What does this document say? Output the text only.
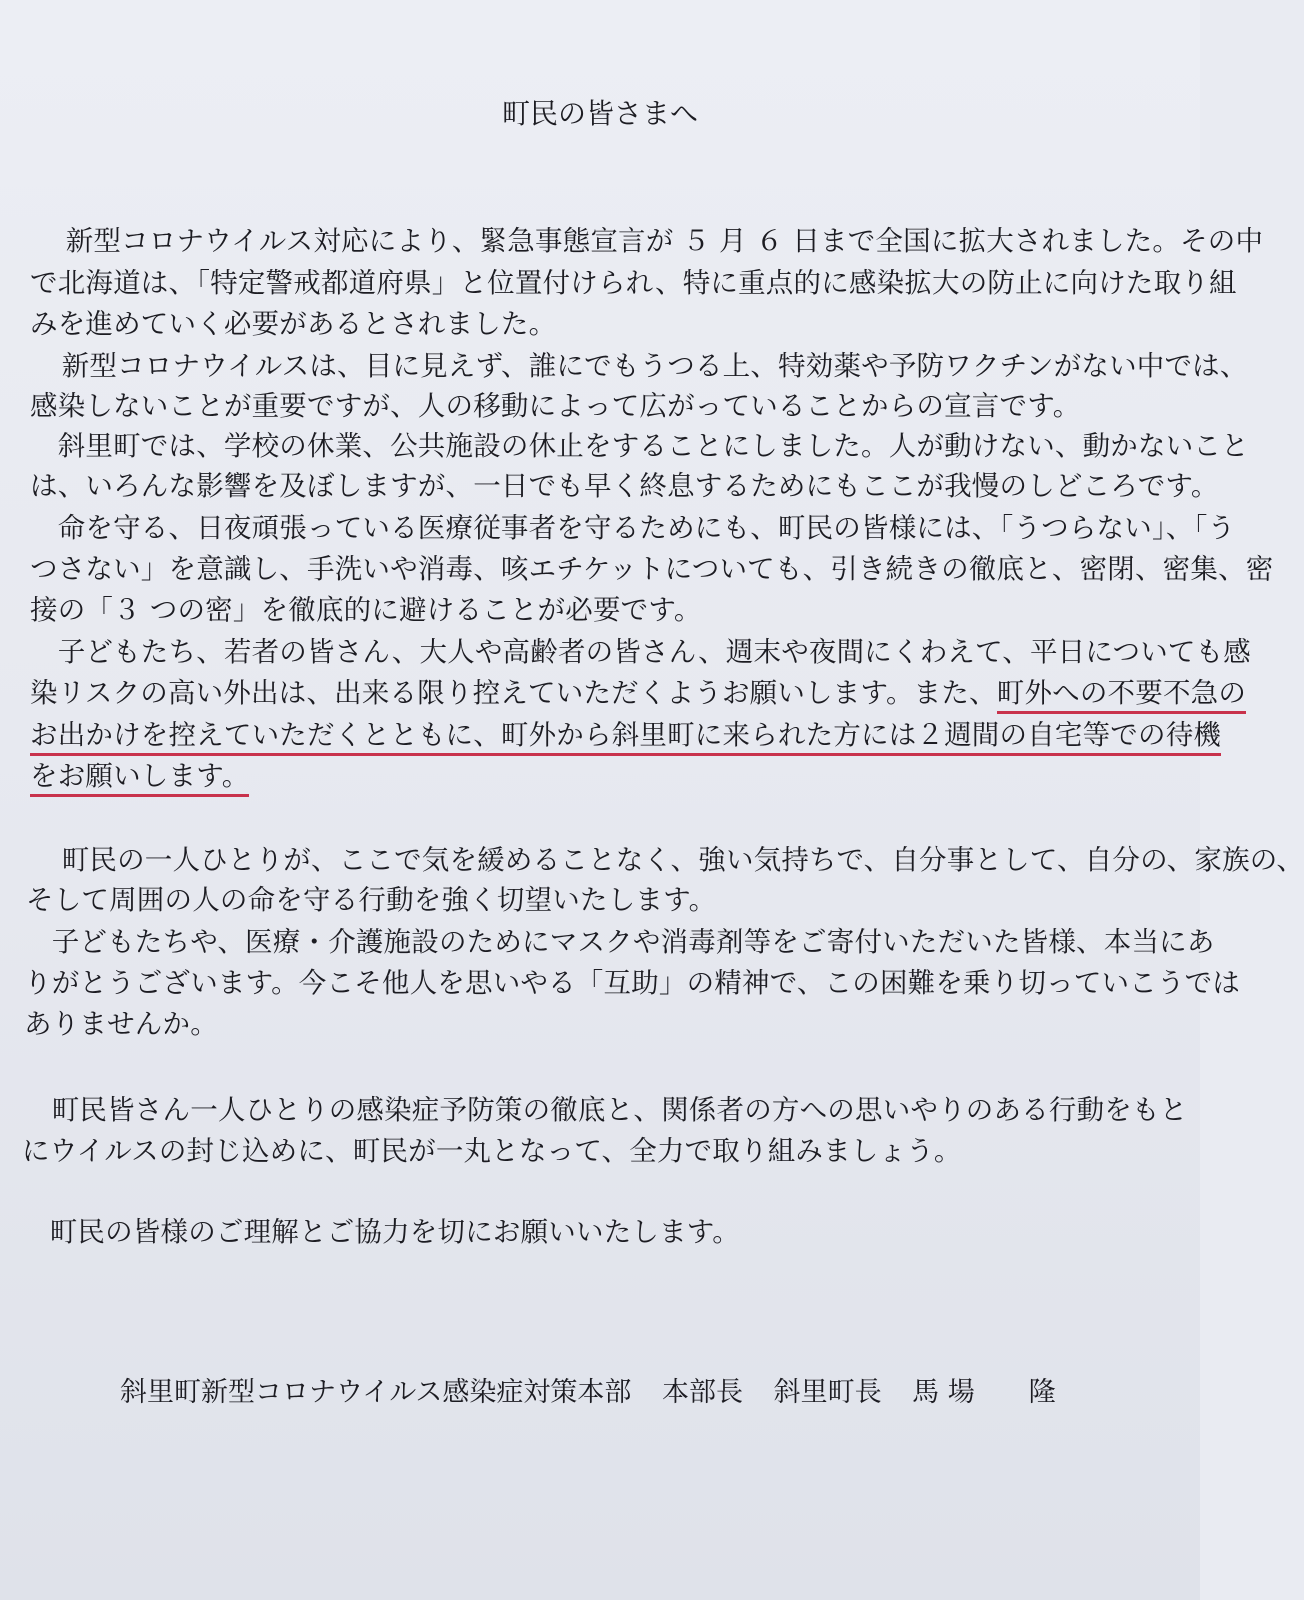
町民の皆さまへ
　新型コロナウイルス対応により、緊急事態宣言が ５ 月 ６ 日まで全国に拡大されました。その中
で北海道は、「特定警戒都道府県」と位置付けられ、特に重点的に感染拡大の防止に向けた取り組
みを進めていく必要があるとされました。
　新型コロナウイルスは、目に見えず、誰にでもうつる上、特効薬や予防ワクチンがない中では、
感染しないことが重要ですが、人の移動によって広がっていることからの宣言です。
　斜里町では、学校の休業、公共施設の休止をすることにしました。人が動けない、動かないこと
は、いろんな影響を及ぼしますが、一日でも早く終息するためにもここが我慢のしどころです。
　命を守る、日夜頑張っている医療従事者を守るためにも、町民の皆様には、「うつらない」、「う
つさない」を意識し、手洗いや消毒、咳エチケットについても、引き続きの徹底と、密閉、密集、密
接の「３ つの密」を徹底的に避けることが必要です。
　子どもたち、若者の皆さん、大人や高齢者の皆さん、週末や夜間にくわえて、平日についても感
染リスクの高い外出は、出来る限り控えていただくようお願いします。また、町外への不要不急の
お出かけを控えていただくとともに、町外から斜里町に来られた方には２週間の自宅等での待機
をお願いします。
　町民の一人ひとりが、ここで気を緩めることなく、強い気持ちで、自分事として、自分の、家族の、
そして周囲の人の命を守る行動を強く切望いたします。
　子どもたちや、医療・介護施設のためにマスクや消毒剤等をご寄付いただいた皆様、本当にあ
りがとうございます。今こそ他人を思いやる「互助」の精神で、この困難を乗り切っていこうでは
ありませんか。
　町民皆さん一人ひとりの感染症予防策の徹底と、関係者の方への思いやりのある行動をもと
にウイルスの封じ込めに、町民が一丸となって、全力で取り組みましょう。
　町民の皆様のご理解とご協力を切にお願いいたします。
斜里町新型コロナウイルス感染症対策本部 本部長 斜里町長 馬 場　　隆
